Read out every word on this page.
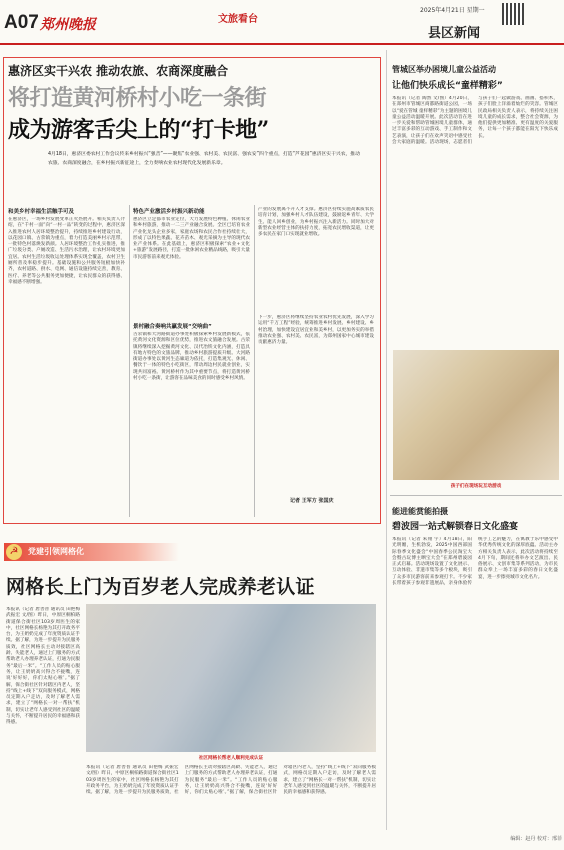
A07 郑州晚报	文旅看台
2025年4月21日 星期一
县区新闻
惠济区实干兴农 推动农旅、农商深度融合
将打造黄河桥村小吃一条街
成为游客舌尖上的“打卡地”
4月18日，惠济区委农村工作会议传来乡村振兴“强音”——聚焦“农业强、农村美、农民富、强农安”四个重点，打造“芦花园”惠济区实干兴农，推动农旅、农商深度融合，在乡村振兴新征途上，全力奏响农业农村现代化发展新乐章。
和美乡村幸福生活触手可及
在惠济区，一场乡村发展变革正火热展开。相关负责人介绍，在“千村一面”向“一村一品”转变的过程中，惠济区深入推进农村人居环境整治提升，持续推进乡村建设行动，以花园口镇、古荥镇为重点，着力打造美丽乡村示范带，一批特色村落焕发新颜。人居环境整治工作扎实推进，推广垃圾分类、户厕改造、生活污水治理，让农村环境更加宜居。农村生活垃圾收运处理体系实现全覆盖，农村卫生厕所普及率稳步提升。基础设施和公共服务短板加快补齐，农村道路、供水、电网、通信设施持续完善，教育、医疗、养老等公共服务更加便捷，让农民群众的获得感、幸福感不断增强。
特色产业激活乡村振兴新动能
惠济区立足都市农业定位，大力发展特色种植、休闲农业和乡村旅游，推动一二三产业融合发展。全区已培育农业产业化龙头企业多家，家庭农场和农民合作社持续壮大，形成了以特色果蔬、花卉苗木、观光采摘为主导的现代农业产业体系。在此基础上，惠济区积极探索“农业+文化+旅游”发展路径，打造一批休闲农业精品线路，吸引大量市民游客前来观光体验。
景村融合奏响共赢发展“交响曲”
古荥镇和大河路街道办事处积极探索乡村发展新模式，依托黄河文化资源和区位优势，推进农文旅融合发展。古荥镇将继续深入挖掘黄河文化、汉代冶铁文化内涵，打造具有地方特色的文旅品牌，推动乡村旅游提质升级。大河路街道办事处以黄河生态廊道为依托，打造集观光、休闲、餐饮于一体的特色小吃街区，带动周边村民就业创业，实现共同富裕。黄河桥村作为其中重要节点，将打造黄河桥村小吃一条街，让游客在品味美食的同时感受乡村风情。
产业的发展离不开人才支撑。惠济区持续实施高素质农民培育计划，加强乡村人才队伍建设，鼓励返乡青年、大学生、能人回乡创业，为乡村振兴注入新活力。同时加大对新型农业经营主体的扶持力度，拓宽农民增收渠道，让更多农民在家门口实现就业增收。
下一步，惠济区将继续坚持农业农村优先发展，深入学习运用“千万工程”经验，统筹推进乡村发展、乡村建设、乡村治理，加快建设宜居宜业和美乡村，以更加务实的举措推动农业强、农村美、农民富，为郑州国家中心城市建设贡献惠济力量。
记者 王军方 张国庆
管城区举办困境儿童公益活动
让他们快乐成长“童样精彩”
本报讯（记者 陶然 文/图）4月20日，在郑州市管城区商都路街道公园，一场以“爱在管城 童样精彩”为主题的困境儿童公益活动温暖开展。此次活动旨在进一步关爱和帮助管城困境儿童群体，通过丰富多彩的互动游戏、手工制作和文艺表演，让孩子们在欢声笑语中感受社会大家庭的温暖。活动现场，志愿者们与孩子们一起做游戏、画画、搭积木，孩子们脸上洋溢着灿烂的笑容。管城区民政局相关负责人表示，将持续关注困境儿童的成长需求，整合社会资源，为他们提供更加精准、更有温度的关爱服务，让每一个孩子都能在阳光下快乐成长。
孩子们在现场玩互动游戏
能进能赏能拍摄
碧波园一站式解锁春日文化盛宴
本报讯（记者 朱翔 宇）4月18日，阳光明媚，生机勃发，2025中国西部国际春季文化盛会“中国春季公民淘宝大会暨古玩博主晒宝大会”在郑州碧波园正式启幕。活动现场设置了文化展示、互动体验、非遗市集等多个板块，吸引了众多市民游客前来参观打卡。不少家长带着孩子参观非遗展品，亲身体验传统手工艺的魅力，在寓教于乐中感受中华优秀传统文化的深厚底蕴。活动主办方相关负责人表示，此次活动将持续至4月下旬，期间还将举办文艺演出、民俗展示、文创市集等系列活动，为市民群众奉上一场丰富多彩的春日文化盛宴，进一步擦亮城市文化名片。
☭	党建引领网格化
网格长上门为百岁老人完成养老认证
本报讯（记者 唐善普 通讯员 田艳梅 武振宏 文/图）昨日，中原区桐柏路街道保合街社区103岁周医生的家中，社区网格长杨艳为其打开政务平台，为王奶奶完成了年度资质认证手续。据了解，为进一步提升为民服务质效，社区网格长主动对接辖区高龄、失能老人，通过上门服务的方式帮助老人办理养老认证，打通为民服务“最后一米”。“工作人员的贴心服务，让王奶奶高兴得合不拢嘴，连说‘好好好，你们太贴心啦’。”据了解，保合街社区针对辖区内老人，坚持“线上+线下”双向服务模式，网格员定期入户走访，及时了解老人需求，建立了“网格长一对一帮扶”机制，切实让老年人感受到社区的温暖与关怀，不断提升居民的幸福感和获得感。
社区网格长帮老人顺利完成认证
本报讯（记者 唐善普 通讯员 田艳梅 武振宏 文/图）昨日，中原区桐柏路街道保合街社区103岁周医生的家中，社区网格长杨艳为其打开政务平台，为王奶奶完成了年度资质认证手续。据了解，为进一步提升为民服务质效，社区网格长主动对接辖区高龄、失能老人，通过上门服务的方式帮助老人办理养老认证，打通为民服务“最后一米”。“工作人员的贴心服务，让王奶奶高兴得合不拢嘴，连说‘好好好，你们太贴心啦’。”据了解，保合街社区针对辖区内老人，坚持“线上+线下”双向服务模式，网格员定期入户走访，及时了解老人需求，建立了“网格长一对一帮扶”机制，切实让老年人感受到社区的温暖与关怀，不断提升居民的幸福感和获得感。
编辑：赵丹 校对：邢菲
